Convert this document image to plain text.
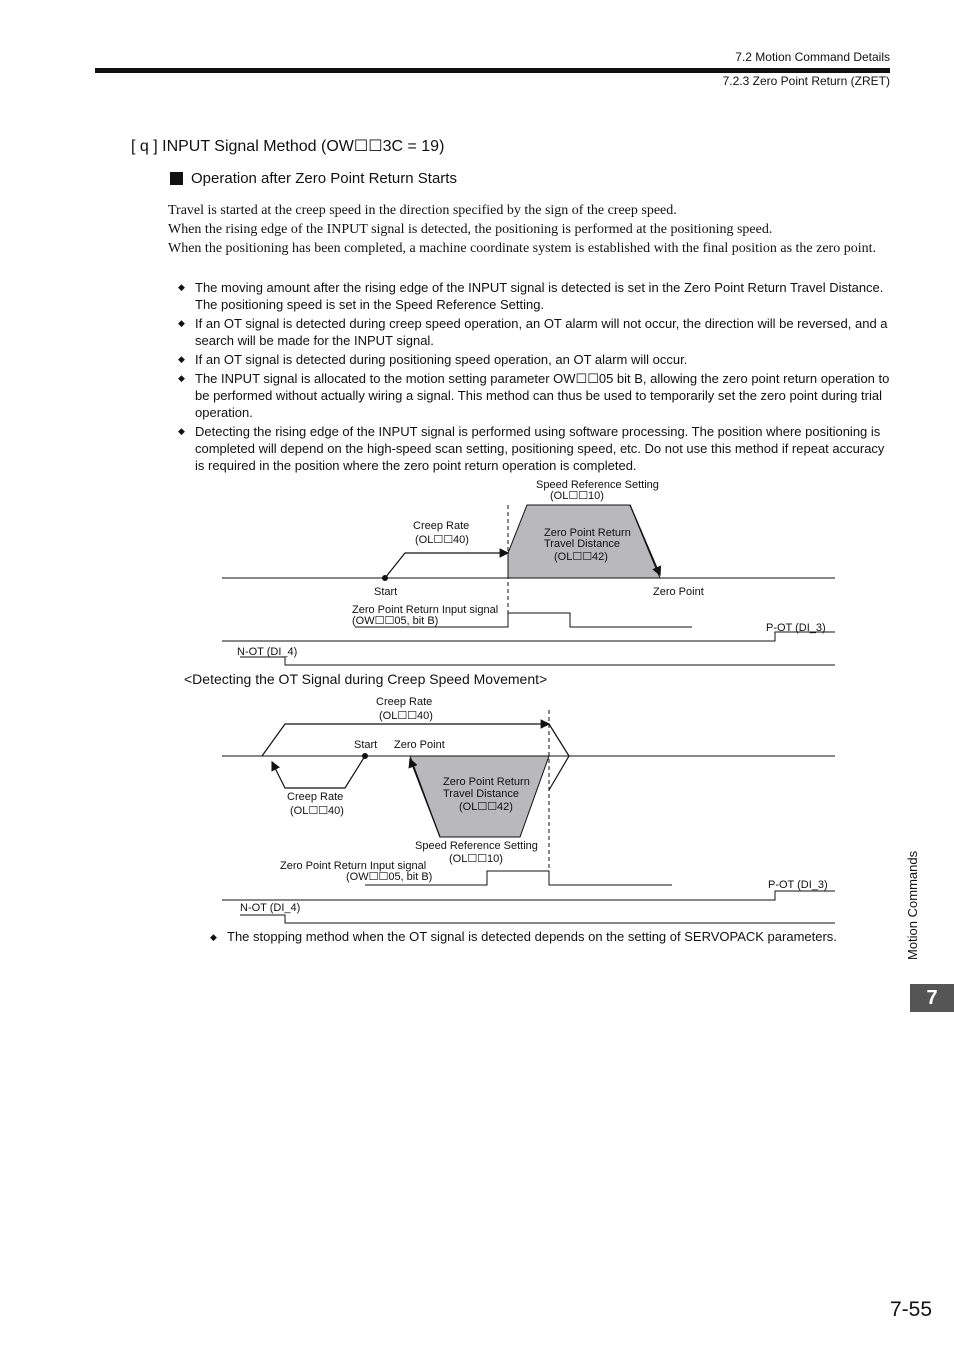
7.2 Motion Command Details
7.2.3 Zero Point Return (ZRET)
[ q ] INPUT Signal Method (OW☐☐3C = 19)
Operation after Zero Point Return Starts

Travel is started at the creep speed in the direction specified by the sign of the creep speed.

When the rising edge of the INPUT signal is detected, the positioning is performed at the positioning speed.

When the positioning has been completed, a machine coordinate system is established with the final position as the zero point.

◆ The moving amount after the rising edge of the INPUT signal is detected is set in the Zero Point Return Travel Distance. The positioning speed is set in the Speed Reference Setting.
◆ If an OT signal is detected during creep speed operation, an OT alarm will not occur, the direction will be reversed, and a search will be made for the INPUT signal.
◆ If an OT signal is detected during positioning speed operation, an OT alarm will occur.
◆ The INPUT signal is allocated to the motion setting parameter OW☐☐05 bit B, allowing the zero point return operation to be performed without actually wiring a signal. This method can thus be used to temporarily set the zero point during trial operation.
◆ Detecting the rising edge of the INPUT signal is performed using software processing. The position where positioning is completed will depend on the high-speed scan setting, positioning speed, etc. Do not use this method if repeat accuracy is required in the position where the zero point return operation is completed.
Speed Reference Setting
(OL☐☐10)
Creep Rate
(OL☐☐40)
Zero Point Return
Travel Distance
(OL☐☐42)
Start	Zero Point
Zero Point Return Input signal
(OW☐☐05, bit B)
P-OT (DI_3)
N-OT (DI_4)
<Detecting the OT Signal during Creep Speed Movement>
Creep Rate
(OL☐☐40)
Start Zero Point
Creep Rate
(OL☐☐40)
Zero Point Return
Travel Distance
(OL☐☐42)
Speed Reference Setting
(OL☐☐10)
Zero Point Return Input signal
(OW☐☐05, bit B)
P-OT (DI_3)
N-OT (DI_4)
◆ The stopping method when the OT signal is detected depends on the setting of SERVOPACK parameters.	Motion Commands
7
7-55
